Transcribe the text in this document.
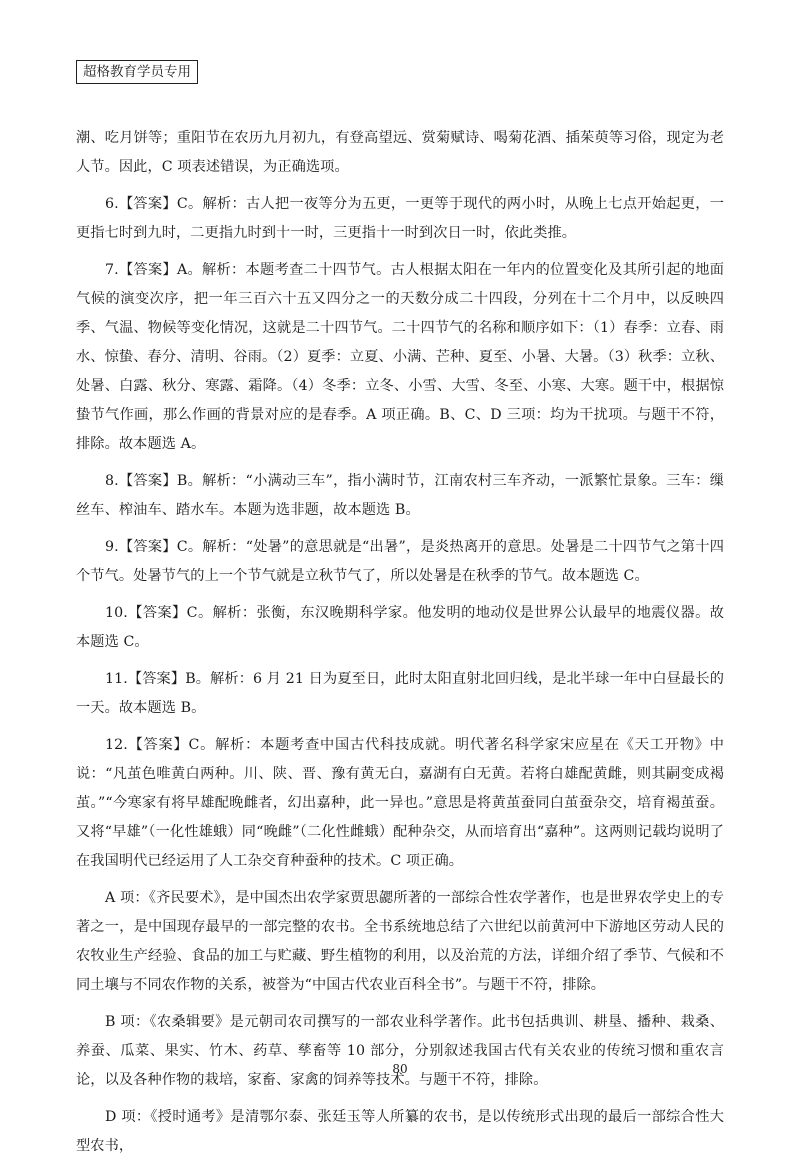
超格教育学员专用

潮、吃月饼等；重阳节在农历九月初九，有登高望远、赏菊赋诗、喝菊花酒、插茱萸等习俗，现定为老人节。因此，C 项表述错误，为正确选项。

6.【答案】C。解析：古人把一夜等分为五更，一更等于现代的两小时，从晚上七点开始起更，一更指七时到九时，二更指九时到十一时，三更指十一时到次日一时，依此类推。

7.【答案】A。解析：本题考查二十四节气。古人根据太阳在一年内的位置变化及其所引起的地面气候的演变次序，把一年三百六十五又四分之一的天数分成二十四段，分列在十二个月中，以反映四季、气温、物候等变化情况，这就是二十四节气。二十四节气的名称和顺序如下：（1）春季：立春、雨水、惊蛰、春分、清明、谷雨。（2）夏季：立夏、小满、芒种、夏至、小暑、大暑。（3）秋季：立秋、处暑、白露、秋分、寒露、霜降。（4）冬季：立冬、小雪、大雪、冬至、小寒、大寒。题干中，根据惊蛰节气作画，那么作画的背景对应的是春季。A 项正确。B、C、D 三项：均为干扰项。与题干不符，排除。故本题选 A。

8.【答案】B。解析：“小满动三车”，指小满时节，江南农村三车齐动，一派繁忙景象。三车：缫丝车、榨油车、踏水车。本题为选非题，故本题选 B。

9.【答案】C。解析：“处暑”的意思就是“出暑”，是炎热离开的意思。处暑是二十四节气之第十四个节气。处暑节气的上一个节气就是立秋节气了，所以处暑是在秋季的节气。故本题选 C。

10.【答案】C。解析：张衡，东汉晚期科学家。他发明的地动仪是世界公认最早的地震仪器。故本题选 C。

11.【答案】B。解析：6 月 21 日为夏至日，此时太阳直射北回归线，是北半球一年中白昼最长的一天。故本题选 B。

12.【答案】C。解析：本题考查中国古代科技成就。明代著名科学家宋应星在《天工开物》中说：“凡茧色唯黄白两种。川、陕、晋、豫有黄无白，嘉湖有白无黄。若将白雄配黄雌，则其嗣变成褐茧。”“今寒家有将早雄配晚雌者，幻出嘉种，此一异也。”意思是将黄茧蚕同白茧蚕杂交，培育褐茧蚕。又将“早雄”（一化性雄蛾）同“晚雌”（二化性雌蛾）配种杂交，从而培育出“嘉种”。这两则记载均说明了在我国明代已经运用了人工杂交育种蚕种的技术。C 项正确。

A 项：《齐民要术》，是中国杰出农学家贾思勰所著的一部综合性农学著作，也是世界农学史上的专著之一，是中国现存最早的一部完整的农书。全书系统地总结了六世纪以前黄河中下游地区劳动人民的农牧业生产经验、食品的加工与贮藏、野生植物的利用，以及治荒的方法，详细介绍了季节、气候和不同土壤与不同农作物的关系，被誉为“中国古代农业百科全书”。与题干不符，排除。

B 项：《农桑辑要》是元朝司农司撰写的一部农业科学著作。此书包括典训、耕垦、播种、栽桑、养蚕、瓜菜、果实、竹木、药草、孳畜等 10 部分，分别叙述我国古代有关农业的传统习惯和重农言论，以及各种作物的栽培，家畜、家禽的饲养等技术。与题干不符，排除。

D 项：《授时通考》是清鄂尔泰、张廷玉等人所纂的农书，是以传统形式出现的最后一部综合性大型农书，

80
